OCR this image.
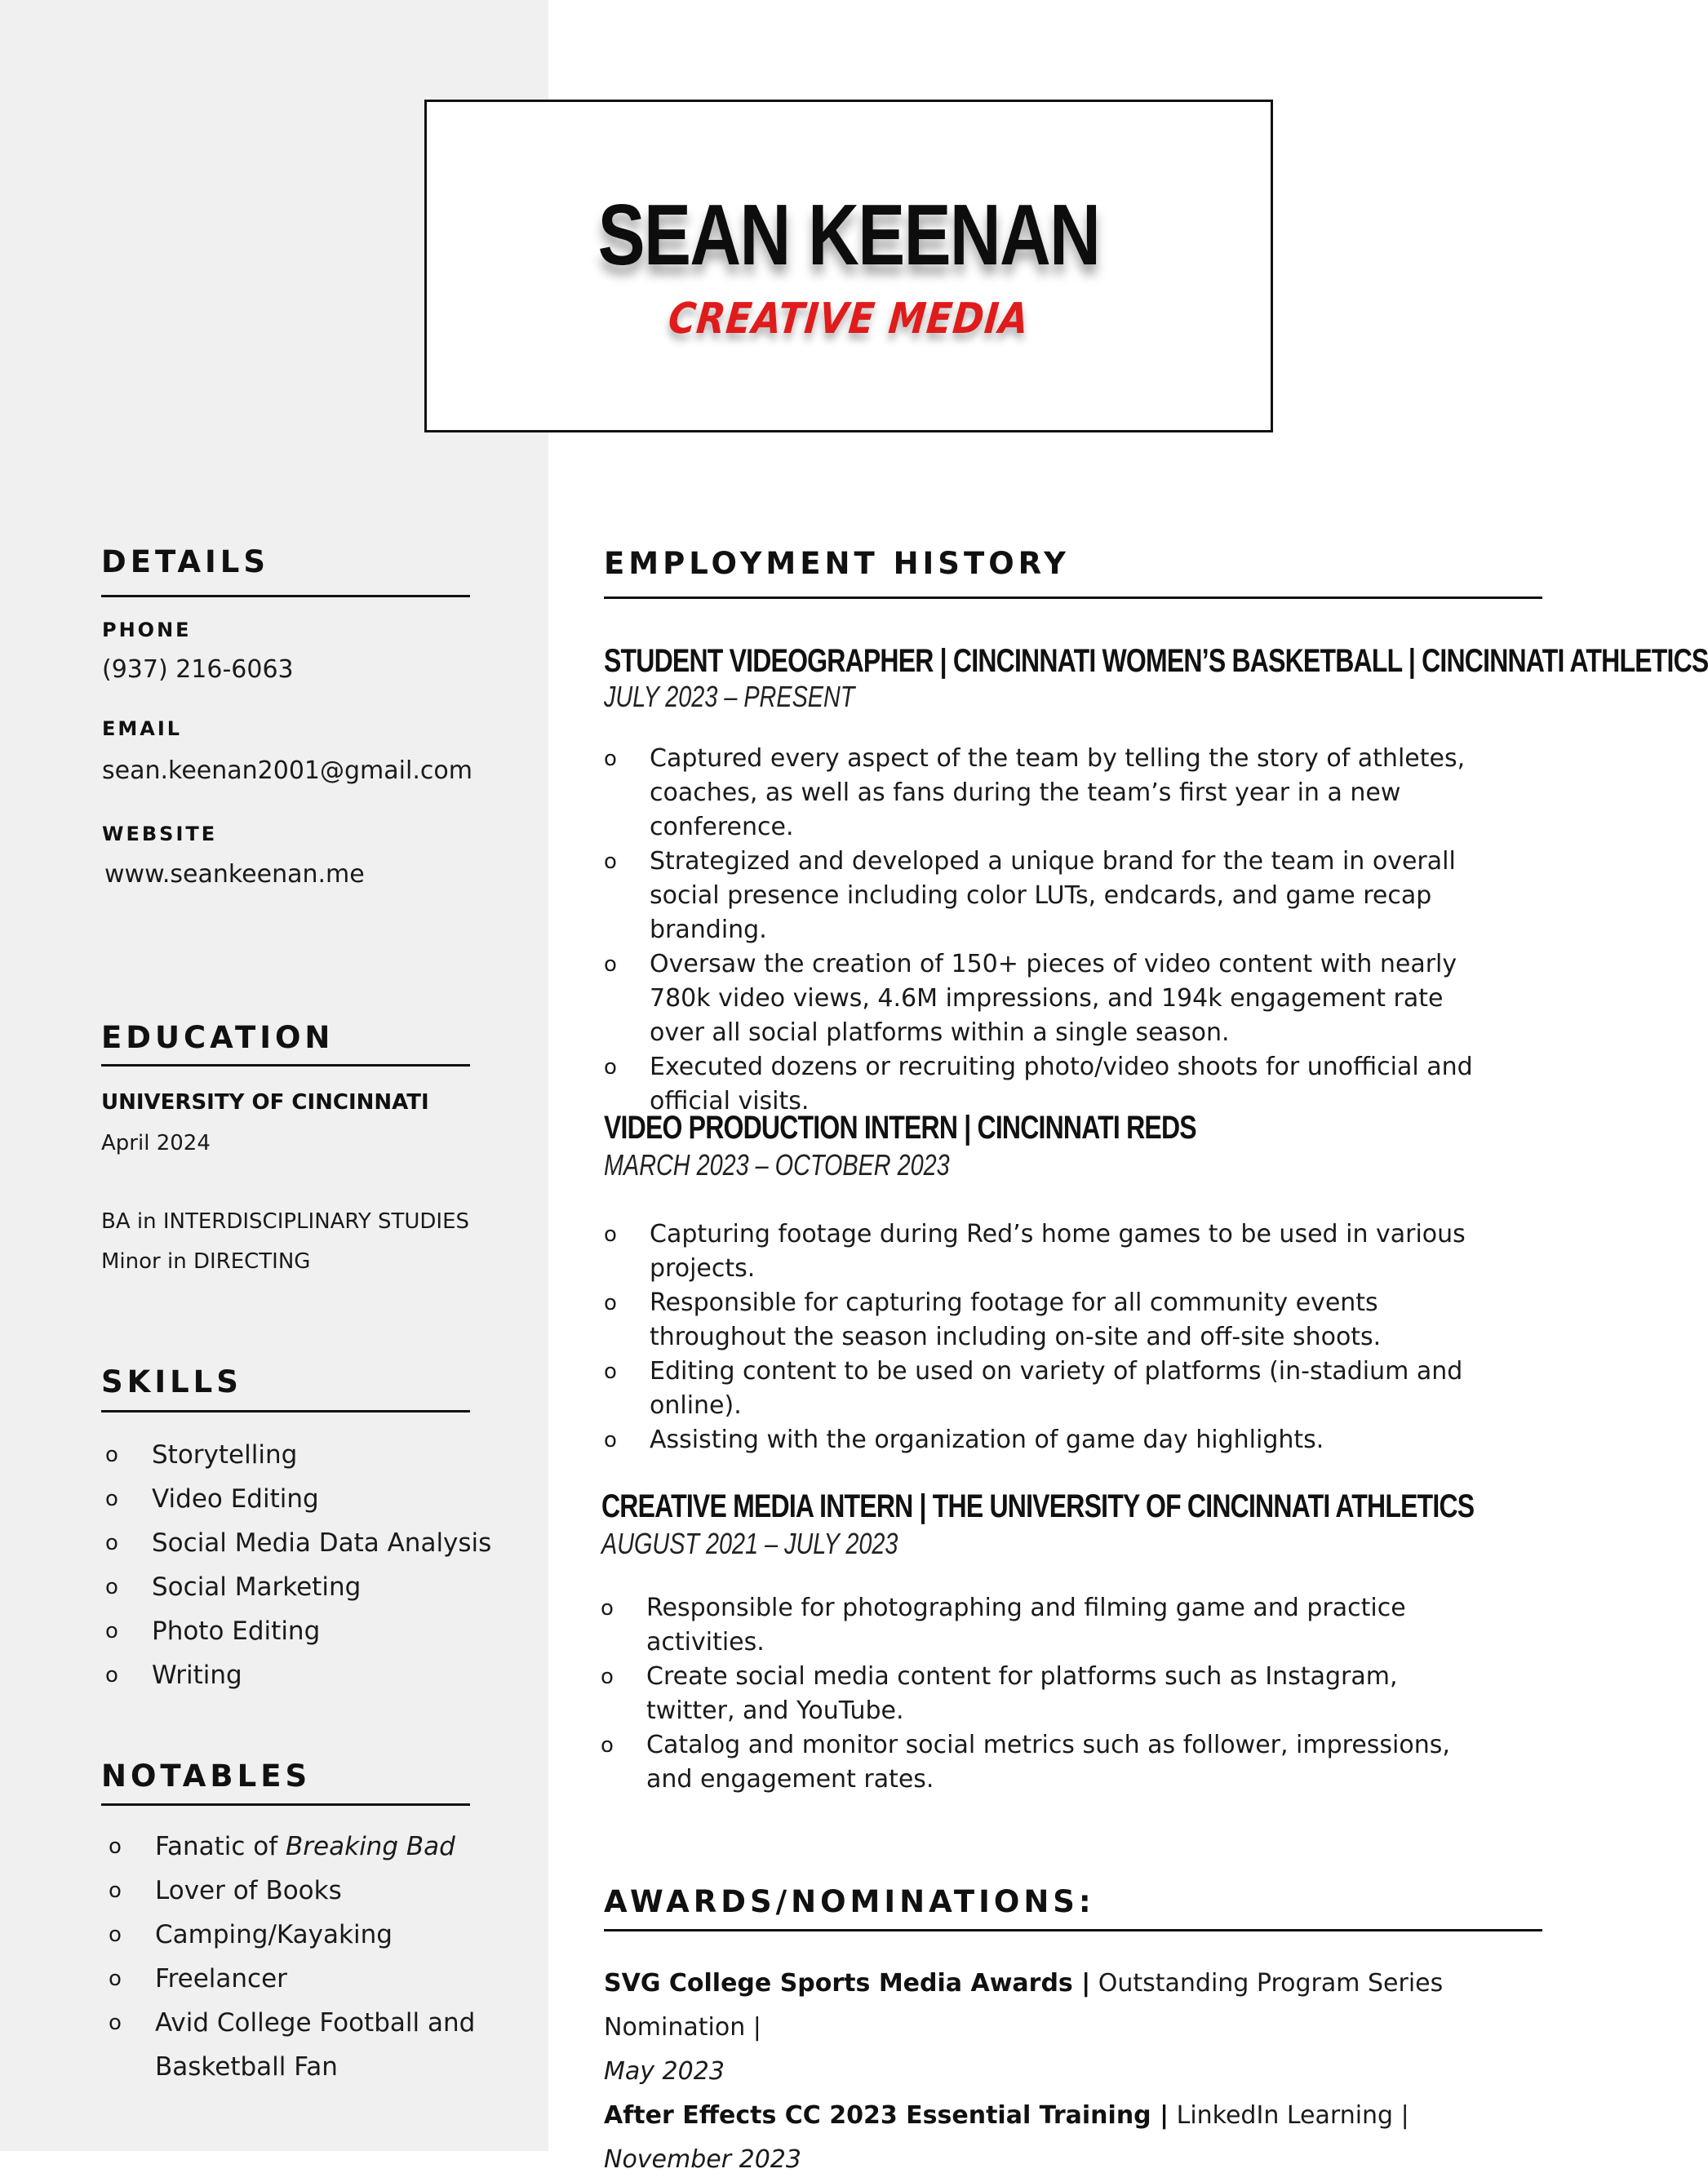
SEAN KEENAN
CREATIVE MEDIA
DETAILS
PHONE
(937) 216-6063
EMAIL
sean.keenan2001@gmail.com
WEBSITE
www.seankeenan.me
EDUCATION
UNIVERSITY OF CINCINNATI
April 2024
BA in INTERDISCIPLINARY STUDIES
Minor in DIRECTING
SKILLS
o Storytelling
o Video Editing
o Social Media Data Analysis
o Social Marketing
o Photo Editing
o Writing
NOTABLES
o Fanatic of Breaking Bad
o Lover of Books
o Camping/Kayaking
o Freelancer
o Avid College Football and
Basketball Fan
EMPLOYMENT HISTORY
STUDENT VIDEOGRAPHER | CINCINNATI WOMEN’S BASKETBALL | CINCINNATI ATHLETICS
JULY 2023 – PRESENT
o Captured every aspect of the team by telling the story of athletes, coaches, as well as fans during the team’s first year in a new conference.
o Strategized and developed a unique brand for the team in overall social presence including color LUTs, endcards, and game recap branding.
o Oversaw the creation of 150+ pieces of video content with nearly 780k video views, 4.6M impressions, and 194k engagement rate over all social platforms within a single season.
o Executed dozens or recruiting photo/video shoots for unofficial and official visits.
VIDEO PRODUCTION INTERN | CINCINNATI REDS
MARCH 2023 – OCTOBER 2023
o Capturing footage during Red’s home games to be used in various projects.
o Responsible for capturing footage for all community events throughout the season including on-site and off-site shoots.
o Editing content to be used on variety of platforms (in-stadium and online).
o Assisting with the organization of game day highlights.
CREATIVE MEDIA INTERN | THE UNIVERSITY OF CINCINNATI ATHLETICS
AUGUST 2021 – JULY 2023
o Responsible for photographing and filming game and practice activities.
o Create social media content for platforms such as Instagram, twitter, and YouTube.
o Catalog and monitor social metrics such as follower, impressions, and engagement rates.
AWARDS/NOMINATIONS:
SVG College Sports Media Awards | Outstanding Program Series Nomination |
May 2023
After Effects CC 2023 Essential Training | LinkedIn Learning | November 2023
